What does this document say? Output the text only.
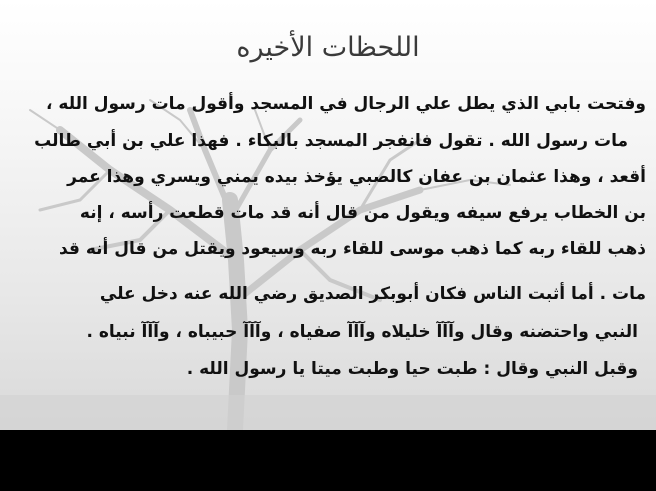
اللحظات الأخيره
وفتحت بابي الذي يطل علي الرجال في المسجد وأقول مات رسول الله ،
مات رسول الله . تقول فانفجر المسجد بالبكاء . فهذا علي بن أبي طالب
أقعد ، وهذا عثمان بن عفان كالصبي يؤخذ بيده يمني ويسري وهذا عمر
بن الخطاب يرفع سيفه ويقول من قال أنه قد مات قطعت رأسه ، إنه
ذهب للقاء ربه كما ذهب موسى للقاء ربه وسيعود ويقتل من قال أنه قد
مات . أما أثبت الناس فكان أبوبكر الصديق رضي الله عنه دخل علي
النبي واحتضنه وقال وآآآ خليلاه وآآآ صفياه ، وآآآ حبيباه ، وآآآ نبياه .
وقبل النبي وقال : طبت حيا وطبت ميتا يا رسول الله .
